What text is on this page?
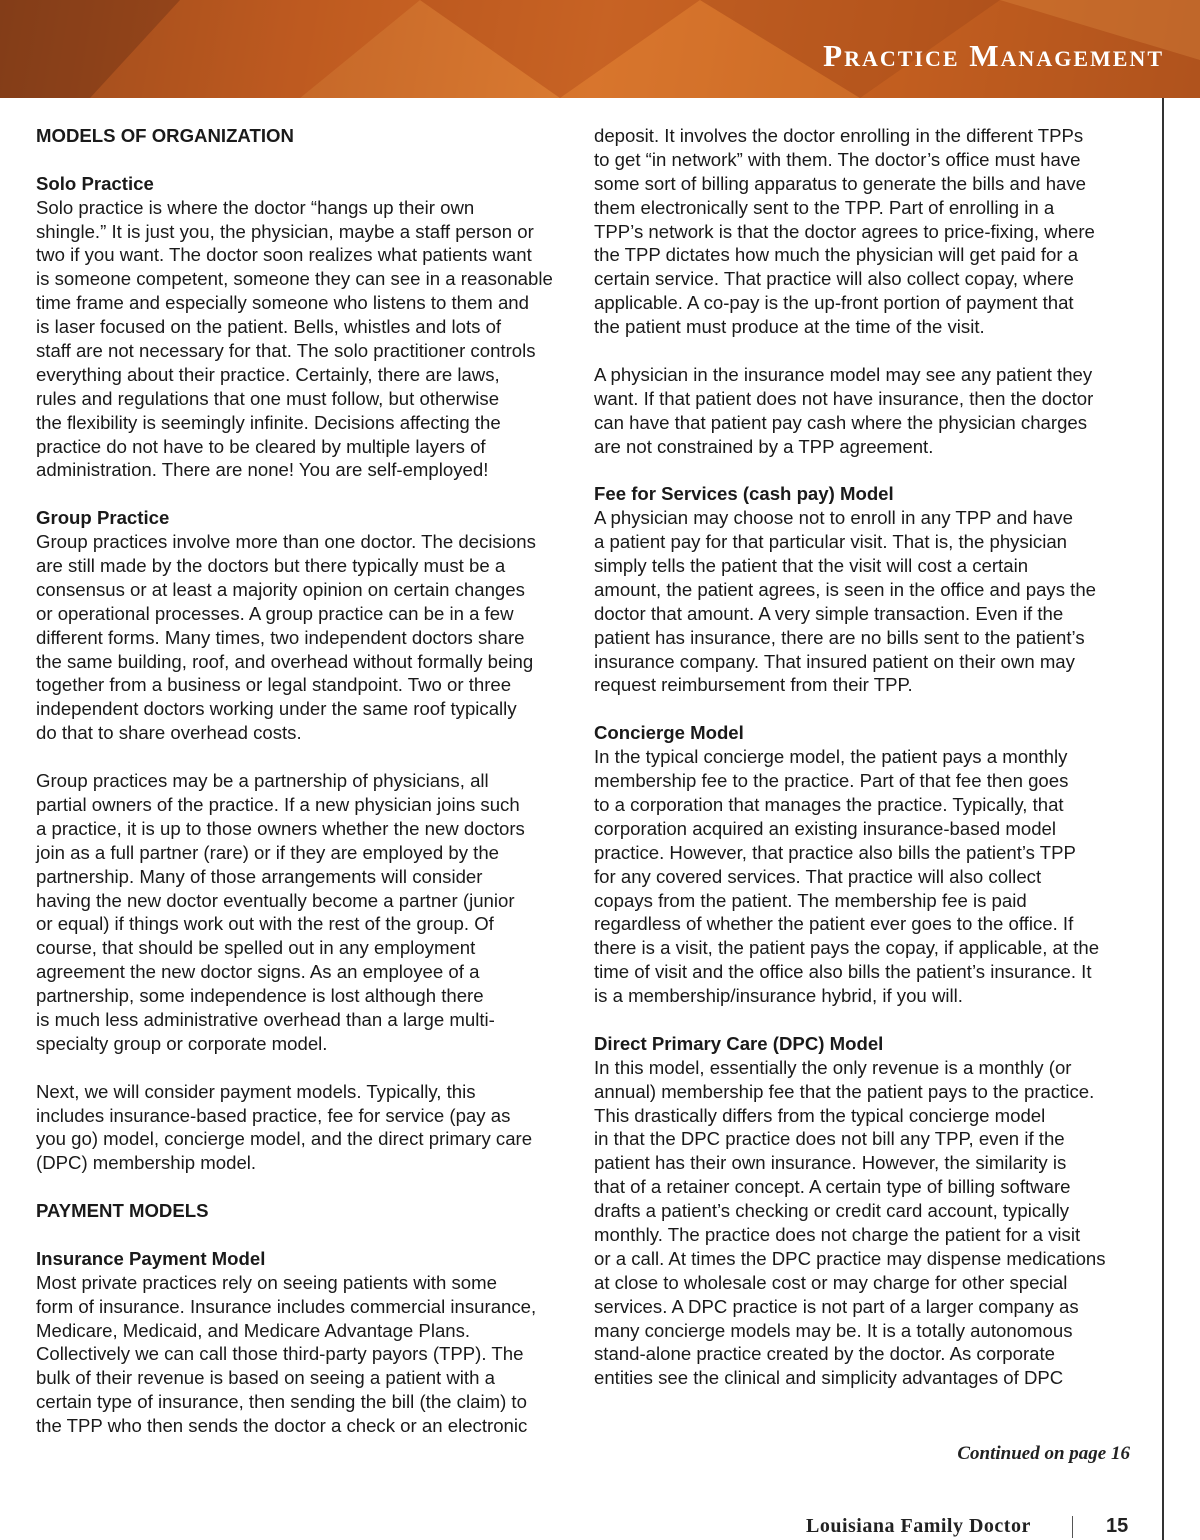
Practice Management
MODELS OF ORGANIZATION
Solo Practice
Solo practice is where the doctor “hangs up their own
shingle.” It is just you, the physician, maybe a staff person or
two if you want. The doctor soon realizes what patients want
is someone competent, someone they can see in a reasonable
time frame and especially someone who listens to them and
is laser focused on the patient. Bells, whistles and lots of
staff are not necessary for that. The solo practitioner controls
everything about their practice. Certainly, there are laws,
rules and regulations that one must follow, but otherwise
the flexibility is seemingly infinite. Decisions affecting the
practice do not have to be cleared by multiple layers of
administration. There are none! You are self-employed!
Group Practice
Group practices involve more than one doctor. The decisions
are still made by the doctors but there typically must be a
consensus or at least a majority opinion on certain changes
or operational processes. A group practice can be in a few
different forms. Many times, two independent doctors share
the same building, roof, and overhead without formally being
together from a business or legal standpoint. Two or three
independent doctors working under the same roof typically
do that to share overhead costs.
Group practices may be a partnership of physicians, all
partial owners of the practice. If a new physician joins such
a practice, it is up to those owners whether the new doctors
join as a full partner (rare) or if they are employed by the
partnership. Many of those arrangements will consider
having the new doctor eventually become a partner (junior
or equal) if things work out with the rest of the group. Of
course, that should be spelled out in any employment
agreement the new doctor signs. As an employee of a
partnership, some independence is lost although there
is much less administrative overhead than a large multi-
specialty group or corporate model.
Next, we will consider payment models. Typically, this
includes insurance-based practice, fee for service (pay as
you go) model, concierge model, and the direct primary care
(DPC) membership model.
PAYMENT MODELS
Insurance Payment Model
Most private practices rely on seeing patients with some
form of insurance. Insurance includes commercial insurance,
Medicare, Medicaid, and Medicare Advantage Plans.
Collectively we can call those third-party payors (TPP). The
bulk of their revenue is based on seeing a patient with a
certain type of insurance, then sending the bill (the claim) to
the TPP who then sends the doctor a check or an electronic
deposit. It involves the doctor enrolling in the different TPPs
to get “in network” with them. The doctor’s office must have
some sort of billing apparatus to generate the bills and have
them electronically sent to the TPP. Part of enrolling in a
TPP’s network is that the doctor agrees to price-fixing, where
the TPP dictates how much the physician will get paid for a
certain service. That practice will also collect copay, where
applicable. A co-pay is the up-front portion of payment that
the patient must produce at the time of the visit.
A physician in the insurance model may see any patient they
want. If that patient does not have insurance, then the doctor
can have that patient pay cash where the physician charges
are not constrained by a TPP agreement.
Fee for Services (cash pay) Model
A physician may choose not to enroll in any TPP and have
a patient pay for that particular visit. That is, the physician
simply tells the patient that the visit will cost a certain
amount, the patient agrees, is seen in the office and pays the
doctor that amount. A very simple transaction. Even if the
patient has insurance, there are no bills sent to the patient’s
insurance company. That insured patient on their own may
request reimbursement from their TPP.
Concierge Model
In the typical concierge model, the patient pays a monthly
membership fee to the practice. Part of that fee then goes
to a corporation that manages the practice. Typically, that
corporation acquired an existing insurance-based model
practice. However, that practice also bills the patient’s TPP
for any covered services. That practice will also collect
copays from the patient. The membership fee is paid
regardless of whether the patient ever goes to the office. If
there is a visit, the patient pays the copay, if applicable, at the
time of visit and the office also bills the patient’s insurance. It
is a membership/insurance hybrid, if you will.
Direct Primary Care (DPC) Model
In this model, essentially the only revenue is a monthly (or
annual) membership fee that the patient pays to the practice.
This drastically differs from the typical concierge model
in that the DPC practice does not bill any TPP, even if the
patient has their own insurance. However, the similarity is
that of a retainer concept. A certain type of billing software
drafts a patient’s checking or credit card account, typically
monthly. The practice does not charge the patient for a visit
or a call. At times the DPC practice may dispense medications
at close to wholesale cost or may charge for other special
services. A DPC practice is not part of a larger company as
many concierge models may be. It is a totally autonomous
stand-alone practice created by the doctor. As corporate
entities see the clinical and simplicity advantages of DPC
Continued on page 16
Louisiana Family Doctor	15
